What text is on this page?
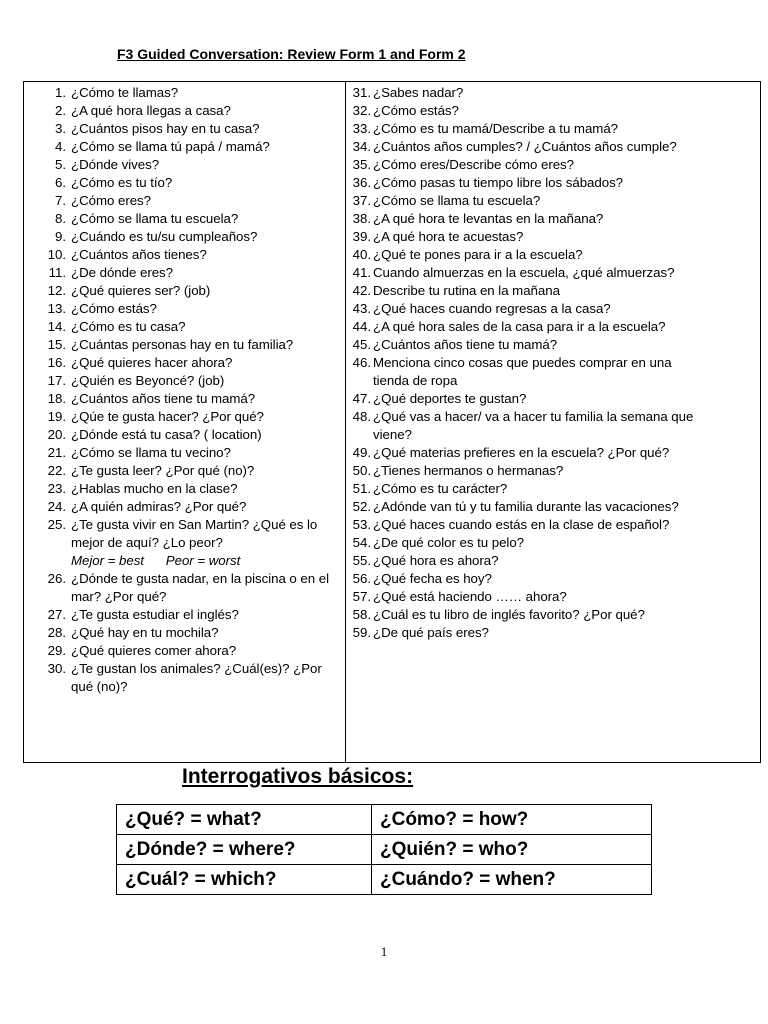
F3 Guided Conversation: Review Form 1 and Form 2
1. ¿Cómo te llamas?
2. ¿A qué hora llegas a casa?
3. ¿Cuántos pisos hay en tu casa?
4. ¿Cómo se llama tú papá / mamá?
5. ¿Dónde vives?
6. ¿Cómo es tu tío?
7. ¿Cómo eres?
8. ¿Cómo se llama tu escuela?
9. ¿Cuándo es tu/su cumpleaños?
10. ¿Cuántos años tienes?
11. ¿De dónde eres?
12. ¿Qué quieres ser? (job)
13. ¿Cómo estás?
14. ¿Cómo es tu casa?
15. ¿Cuántas personas hay en tu familia?
16. ¿Qué quieres hacer ahora?
17. ¿Quién es Beyoncé? (job)
18. ¿Cuántos años tiene tu mamá?
19. ¿Qúe te gusta hacer? ¿Por qué?
20. ¿Dónde está tu casa? ( location)
21. ¿Cómo se llama tu vecino?
22. ¿Te gusta leer? ¿Por qué (no)?
23. ¿Hablas mucho en la clase?
24. ¿A quién admiras? ¿Por qué?
25. ¿Te gusta vivir en San Martin? ¿Qué es lo mejor de aquí? ¿Lo peor?
Mejor = best      Peor = worst
26. ¿Dónde te gusta nadar, en la piscina o en el mar? ¿Por qué?
27. ¿Te gusta estudiar el inglés?
28. ¿Qué hay en tu mochila?
29. ¿Qué quieres comer ahora?
30. ¿Te gustan los animales? ¿Cuál(es)? ¿Por qué (no)?
31. ¿Sabes nadar?
32. ¿Cómo estás?
33. ¿Cómo es tu mamá/Describe a tu mamá?
34. ¿Cuántos años cumples? / ¿Cuántos años cumple?
35. ¿Cómo eres/Describe cómo eres?
36. ¿Cómo pasas tu tiempo libre los sábados?
37. ¿Cómo se llama tu escuela?
38. ¿A qué hora te levantas en la mañana?
39. ¿A qué hora te acuestas?
40. ¿Qué te pones para ir a la escuela?
41. Cuando almuerzas en la escuela, ¿qué almuerzas?
42. Describe tu rutina en la mañana
43. ¿Qué haces cuando regresas a la casa?
44. ¿A qué hora sales de la casa para ir a la escuela?
45. ¿Cuántos años tiene tu mamá?
46. Menciona cinco cosas que puedes comprar en una tienda de ropa
47. ¿Qué deportes te gustan?
48. ¿Qué vas a hacer/ va a hacer tu familia la semana que viene?
49. ¿Qué materias prefieres en la escuela? ¿Por qué?
50. ¿Tienes hermanos o hermanas?
51. ¿Cómo es tu carácter?
52. ¿Adónde van tú y tu familia durante las vacaciones?
53. ¿Qué haces cuando estás en la clase de español?
54. ¿De qué color es tu pelo?
55. ¿Qué hora es ahora?
56. ¿Qué fecha es hoy?
57. ¿Qué está haciendo …… ahora?
58. ¿Cuál es tu libro de inglés favorito? ¿Por qué?
59. ¿De qué país eres?
Interrogativos básicos:
¿Qué? = what?	¿Cómo? = how?
¿Dónde? = where?	¿Quién? = who?
¿Cuál? = which?	¿Cuándo? = when?
1
